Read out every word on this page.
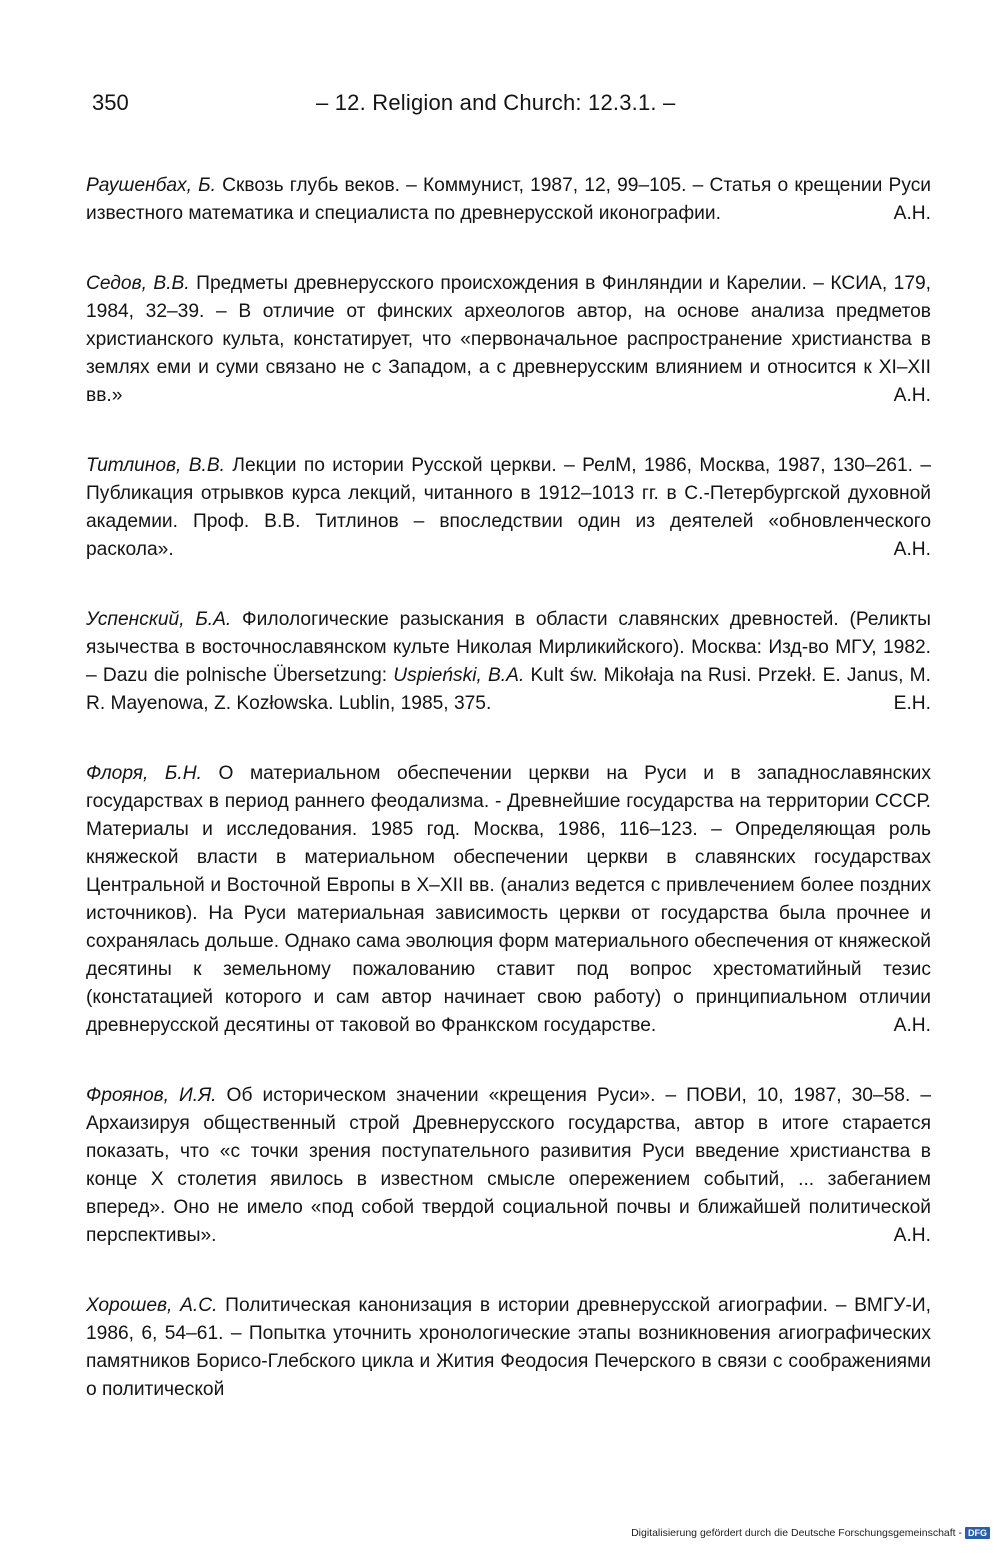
350	– 12. Religion and Church: 12.3.1. –

Раушенбах, Б. Сквозь глубь веков. – Коммунист, 1987, 12, 99–105. – Статья о крещении Руси известного математика и специалиста по древнерусской иконографии.	А.Н.

Седов, В.В. Предметы древнерусского происхождения в Финляндии и Карелии. – КСИА, 179, 1984, 32–39. – В отличие от финских археологов автор, на основе анализа предметов христианского культа, констатирует, что «первоначальное распространение христианства в землях еми и суми связано не с Западом, а с древнерусским влиянием и относится к XI–XII вв.»	А.Н.

Титлинов, В.В. Лекции по истории Русской церкви. – РелМ, 1986, Москва, 1987, 130–261. – Публикация отрывков курса лекций, читанного в 1912–1013 гг. в С.-Петербургской духовной академии. Проф. В.В. Титлинов – впоследствии один из деятелей «обновленческого раскола».	А.Н.

Успенский, Б.А. Филологические разыскания в области славянских древностей. (Реликты язычества в восточнославянском культе Николая Мирликийского). Москва: Изд-во МГУ, 1982. – Dazu die polnische Übersetzung: Uspieński, B.A. Kult św. Mikołaja na Rusi. Przekł. E. Janus, M. R. Mayenowa, Z. Kozłowska. Lublin, 1985, 375.	Е.Н.

Флоря, Б.Н. О материальном обеспечении церкви на Руси и в западнославянских государствах в период раннего феодализма. - Древнейшие государства на территории СССР. Материалы и исследования. 1985 год. Москва, 1986, 116–123. – Определяющая роль княжеской власти в материальном обеспечении церкви в славянских государствах Центральной и Восточной Европы в X–XII вв. (анализ ведется с привлечением более поздних источников). На Руси материальная зависимость церкви от государства была прочнее и сохранялась дольше. Однако сама эволюция форм материального обеспечения от княжеской десятины к земельному пожалованию ставит под вопрос хрестоматийный тезис (констатацией которого и сам автор начинает свою работу) о принципиальном отличии древнерусской десятины от таковой во Франкском государстве.	А.Н.

Фроянов, И.Я. Об историческом значении «крещения Руси». – ПОВИ, 10, 1987, 30–58. – Архаизируя общественный строй Древнерусского государства, автор в итоге старается показать, что «с точки зрения поступательного разивития Руси введение христианства в конце X столетия явилось в известном смысле опережением событий, ... забеганием вперед». Оно не имело «под собой твердой социальной почвы и ближайшей политической перспективы».	А.Н.

Хорошев, А.С. Политическая канонизация в истории древнерусской агиографии. – ВМГУ-И, 1986, 6, 54–61. – Попытка уточнить хронологические этапы возникновения агиографических памятников Борисо-Глебского цикла и Жития Феодосия Печерского в связи с соображениями о политической

Digitalisierung gefördert durch die Deutsche Forschungsgemeinschaft - DFG
